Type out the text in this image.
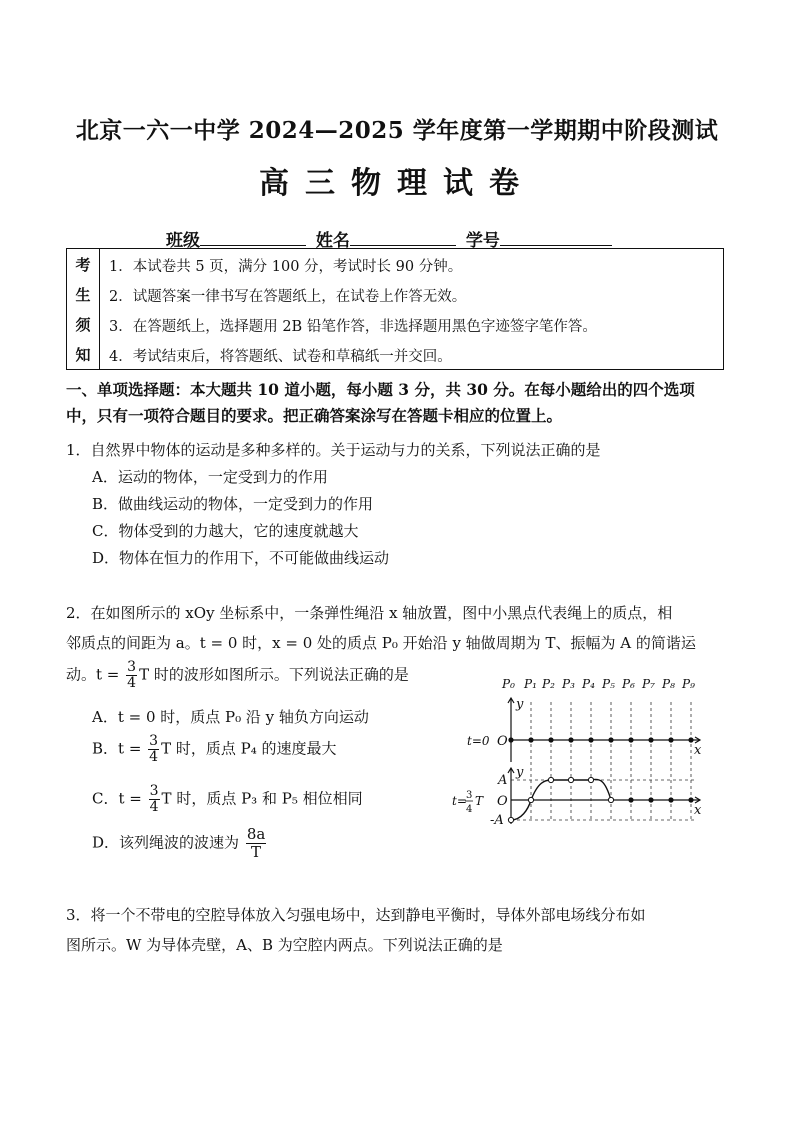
北京一六一中学 2024—2025 学年度第一学期期中阶段测试
高三物理试卷
班级	姓名	学号
考
生
须
知
1．本试卷共 5 页，满分 100 分，考试时长 90 分钟。
2．试题答案一律书写在答题纸上，在试卷上作答无效。
3．在答题纸上，选择题用 2B 铅笔作答，非选择题用黑色字迹签字笔作答。
4．考试结束后，将答题纸、试卷和草稿纸一并交回。
一、单项选择题：本大题共 10 道小题，每小题 3 分，共 30 分。在每小题给出的四个选项
中，只有一项符合题目的要求。把正确答案涂写在答题卡相应的位置上。
1．自然界中物体的运动是多种多样的。关于运动与力的关系，下列说法正确的是
A．运动的物体，一定受到力的作用
B．做曲线运动的物体，一定受到力的作用
C．物体受到的力越大，它的速度就越大
D．物体在恒力的作用下，不可能做曲线运动
2．在如图所示的 xOy 坐标系中，一条弹性绳沿 x 轴放置，图中小黑点代表绳上的质点，相
邻质点的间距为 a。t = 0 时，x = 0 处的质点 P₀ 开始沿 y 轴做周期为 T、振幅为 A 的简谐运
动。$t = \frac{3}{4}$ T 时的波形如图所示。下列说法正确的是
A．t = 0 时，质点 P₀ 沿 y 轴负方向运动
B．$t = \frac{3}{4}$ T 时，质点 P₄ 的速度最大
C．$t = \frac{3}{4}$ T 时，质点 P₃ 和 P₅ 相位相同
D．该列绳波的波速为 $\frac{8a}{T}$
P₀ P₁ P₂ P₃ P₄ P₅ P₆ P₇ P₈ P₉
y
x
O
t=0
y
x
O
A
-A
t= 3
4
T
3．将一个不带电的空腔导体放入匀强电场中，达到静电平衡时，导体外部电场线分布如
图所示。W 为导体壳壁，A、B 为空腔内两点。下列说法正确的是
